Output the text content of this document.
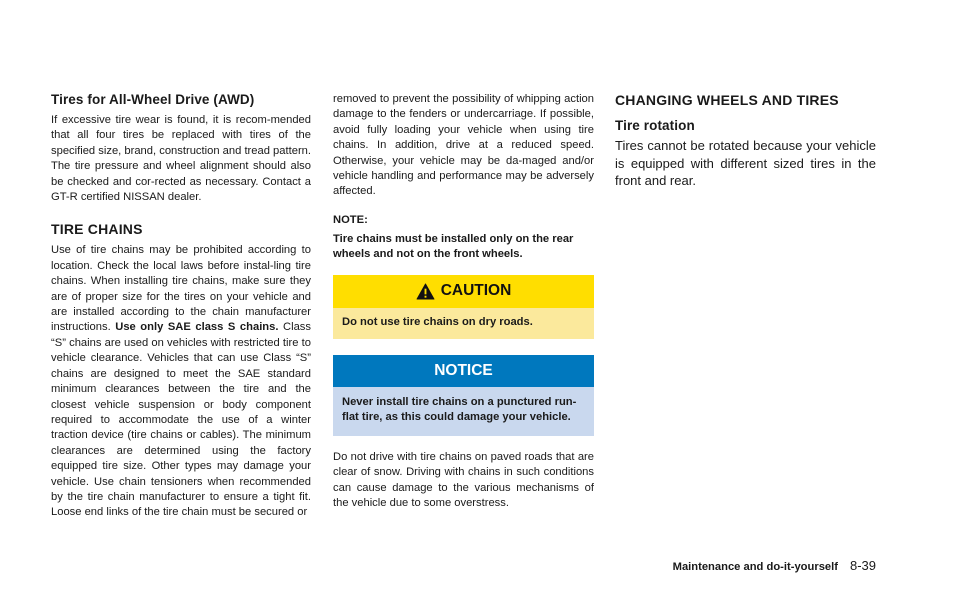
Tires for All-Wheel Drive (AWD)

If excessive tire wear is found, it is recom-mended that all four tires be replaced with tires of the specified size, brand, construction and tread pattern. The tire pressure and wheel alignment should also be checked and cor-rected as necessary. Contact a GT-R certified NISSAN dealer.

TIRE CHAINS

Use of tire chains may be prohibited according to location. Check the local laws before instal-ling tire chains. When installing tire chains, make sure they are of proper size for the tires on your vehicle and are installed according to the chain manufacturer instructions. Use only SAE class S chains. Class “S” chains are used on vehicles with restricted tire to vehicle clearance. Vehicles that can use Class “S” chains are designed to meet the SAE standard minimum clearances between the tire and the closest vehicle suspension or body component required to accommodate the use of a winter traction device (tire chains or cables). The minimum clearances are determined using the factory equipped tire size. Other types may damage your vehicle. Use chain tensioners when recommended by the tire chain manufacturer to ensure a tight fit. Loose end links of the tire chain must be secured or

removed to prevent the possibility of whipping action damage to the fenders or undercarriage. If possible, avoid fully loading your vehicle when using tire chains. In addition, drive at a reduced speed. Otherwise, your vehicle may be da-maged and/or vehicle handling and performance may be adversely affected.

NOTE:

Tire chains must be installed only on the rear wheels and not on the front wheels.

CAUTION
Do not use tire chains on dry roads.
NOTICE
Never install tire chains on a punctured run-flat tire, as this could damage your vehicle.

Do not drive with tire chains on paved roads that are clear of snow. Driving with chains in such conditions can cause damage to the various mechanisms of the vehicle due to some overstress.

CHANGING WHEELS AND TIRES
Tire rotation

Tires cannot be rotated because your vehicle is equipped with different sized tires in the front and rear.

Maintenance and do-it-yourself 8-39
